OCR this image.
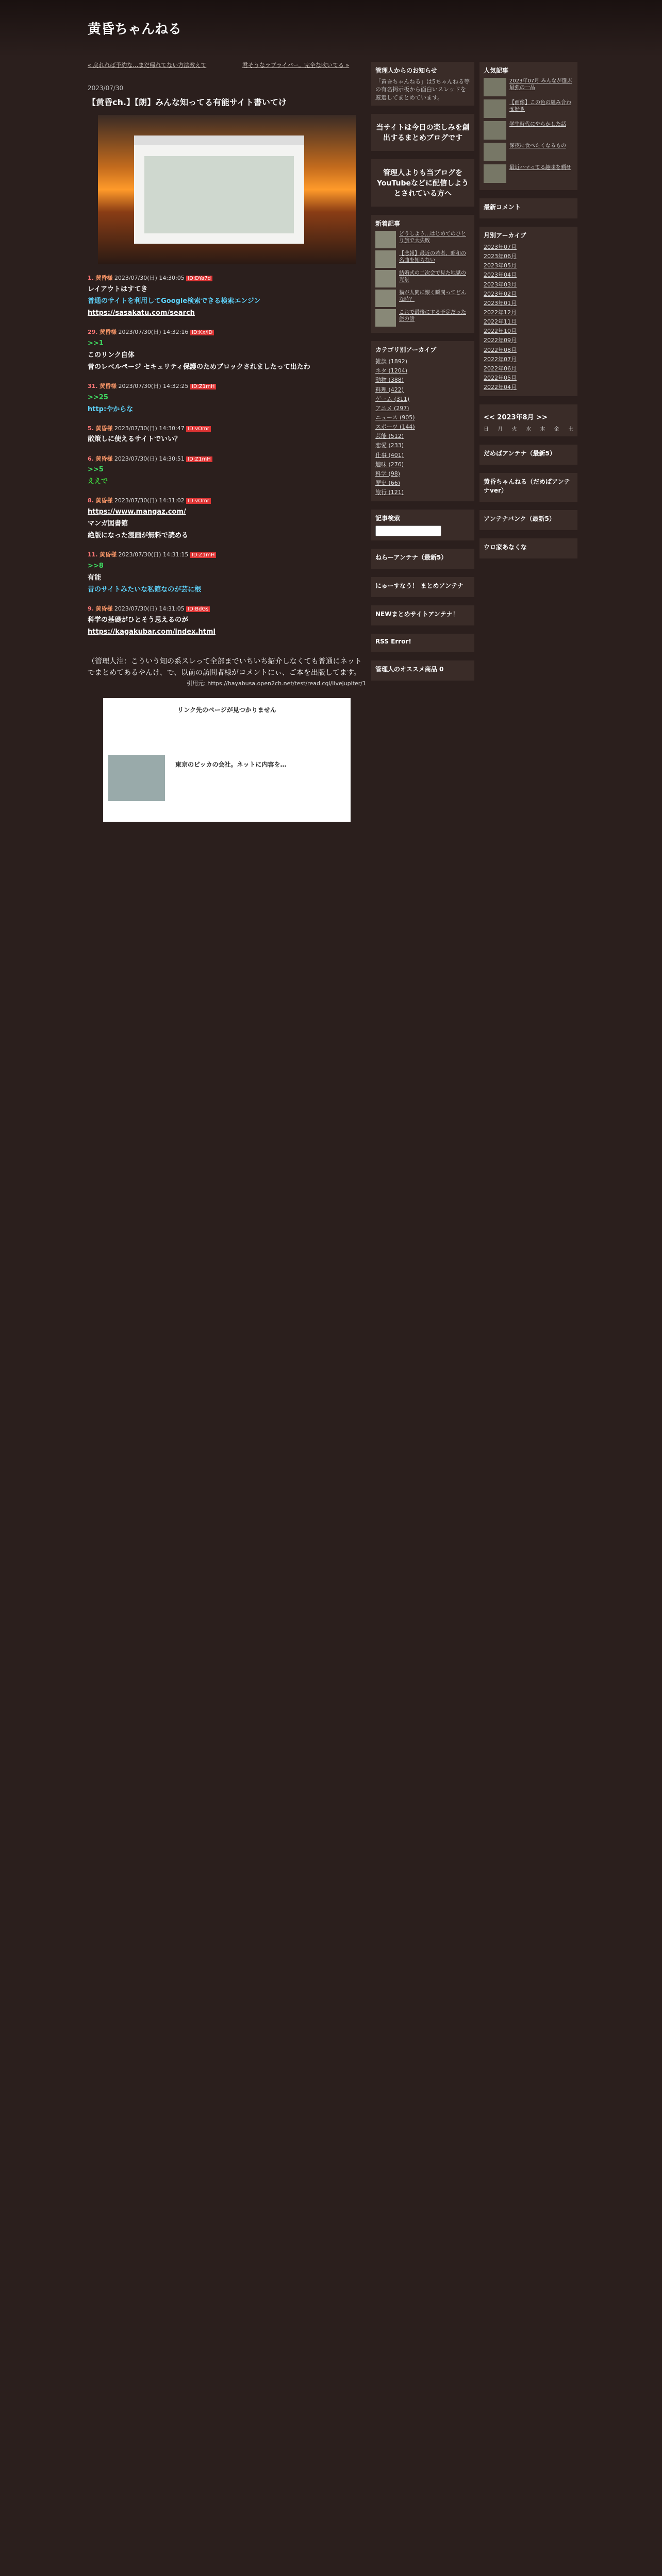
黄昏ちゃんねる
« 戻れれば予約な…まだ帰れてない方法教えて	君そうなラブライバー。完全な吹いてる »
2023/07/30
【黄昏ch.】【朗】みんな知ってる有能サイト書いてけ
1. 黄昏様 2023/07/30(日) 14:30:05 ID:DYa7d
レイアウトはすてき
普通のサイトを利用してGoogle検索できる検索エンジン
https://sasakatu.com/search
29. 黄昏様 2023/07/30(日) 14:32:16 ID:Kx/lD
>>1
このリンク自体
昔のレベルページ セキュリティ保護のためブロックされましたって出たわ
31. 黄昏様 2023/07/30(日) 14:32:25 ID:Z1mH
>>25
http:やからな
5. 黄昏様 2023/07/30(日) 14:30:47 ID:vOmr
散策しに使えるサイトでいい？
6. 黄昏様 2023/07/30(日) 14:30:51 ID:Z1mH
>>5
ええで
8. 黄昏様 2023/07/30(日) 14:31:02 ID:vOmr
https://www.mangaz.com/
マンガ図書館
絶版になった漫画が無料で読める
11. 黄昏様 2023/07/30(日) 14:31:15 ID:Z1mH
>>8
有能
昔のサイトみたいな私館なのが芸に根
9. 黄昏様 2023/07/30(日) 14:31:05 ID:BdGs
科学の基礎がひとそう思えるのが
https://kagakubar.com/index.html
（管理人注：こういう知の系スレって全部までいちいち紹介しなくても普通にネットでまとめてあるやんけ、で、以前の訪問者様がコメントにぃ、ご本を出版してます。
引用元: https://hayabusa.open2ch.net/test/read.cgi/livejupiter/1
リンク先のページが見つかりません
東京のビッカの会社。ネットに内容を…
管理人からのお知らせ
「黄昏ちゃんねる」は5ちゃんねる等の有名掲示板から面白いスレッドを厳選してまとめています。
当サイトは今日の楽しみを創出するまとめブログです
管理人よりも当ブログをYouTubeなどに配信しようとされている方へ
新着記事
どうしよう…はじめてのひとり旅で大失敗
【悲報】最近の若者、昭和の名曲を知らない
結婚式の二次会で見た地獄の光景
猫が人間に懐く瞬間ってどんな時？
これで最後にする予定だった旅の話
カテゴリ別アーカイブ
雑談 (1892)
ネタ (1204)
動物 (388)
料理 (422)
ゲーム (311)
アニメ (297)
ニュース (905)
スポーツ (144)
芸能 (512)
恋愛 (233)
仕事 (401)
趣味 (276)
科学 (98)
歴史 (66)
旅行 (121)
記事検索
ねらーアンテナ（最新5）
にゅーすなう！ まとめアンテナ
NEWまとめサイトアンテナ！
RSS Error!
管理人のオススメ商品 0
人気記事
2023年07月 みんなが選ぶ最強の一品
【画像】この色の組み合わせ好き
学生時代にやらかした話
深夜に食べたくなるもの
最近ハマってる趣味を晒せ
最新コメント
月別アーカイブ
2023年07月
2023年06月
2023年05月
2023年04月
2023年03月
2023年02月
2023年01月
2022年12月
2022年11月
2022年10月
2022年09月
2022年08月
2022年07月
2022年06月
2022年05月
2022年04月
<< 2023年8月 >>
日 月 火 水 木 金 土
だめぱアンテナ（最新5）
黄昏ちゃんねる（だめぱアンテナver）
アンテナバンク（最新5）
ウロ家あなくな
